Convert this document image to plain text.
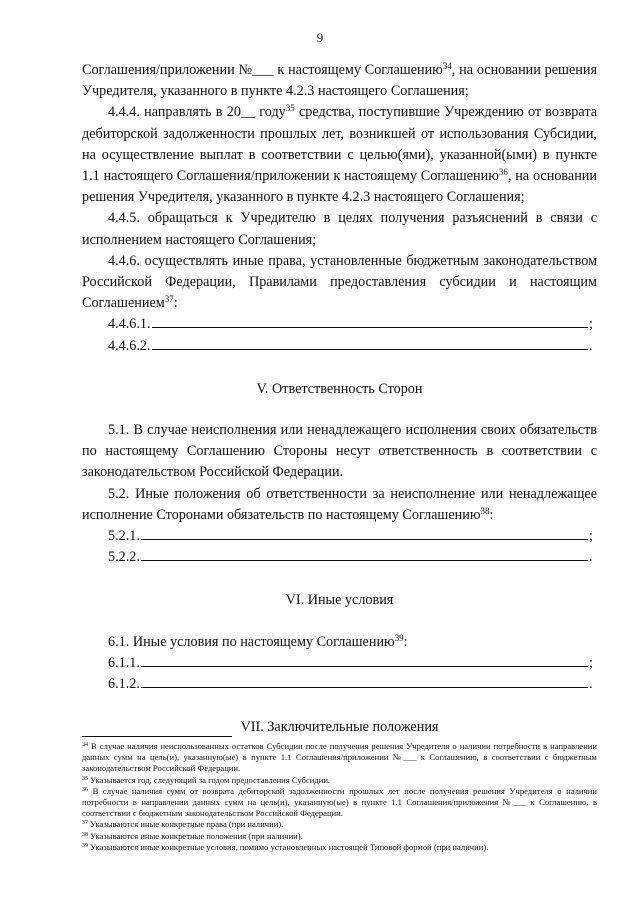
9

Соглашения/приложении №___ к настоящему Соглашению$^{34}$, на основании решения Учредителя, указанного в пункте 4.2.3 настоящего Соглашения;

4.4.4. направлять в 20__ году$^{35}$ средства, поступившие Учреждению от возврата дебиторской задолженности прошлых лет, возникшей от использования Субсидии, на осуществление выплат в соответствии с целью(ями), указанной(ыми) в пункте 1.1 настоящего Соглашения/приложении к настоящему Соглашению$^{36}$, на основании решения Учредителя, указанного в пункте 4.2.3 настоящего Соглашения;

4.4.5. обращаться к Учредителю в целях получения разъяснений в связи с исполнением настоящего Соглашения;

4.4.6. осуществлять иные права, установленные бюджетным законодательством Российской Федерации, Правилами предоставления субсидии и настоящим Соглашением$^{37}$:

4.4.6.1.	;
4.4.6.2.	.

V. Ответственность Сторон

5.1. В случае неисполнения или ненадлежащего исполнения своих обязательств по настоящему Соглашению Стороны несут ответственность в соответствии с законодательством Российской Федерации.

5.2. Иные положения об ответственности за неисполнение или ненадлежащее исполнение Сторонами обязательств по настоящему Соглашению$^{38}$:

5.2.1.	;
5.2.2.	.

VI. Иные условия

6.1. Иные условия по настоящему Соглашению$^{39}$:

6.1.1.	;
6.1.2.	.

VII. Заключительные положения

$^{34}$ В случае наличия неиспользованных остатков Субсидии после получения решения Учредителя о наличии потребности в направлении данных сумм на цель(и), указанную(ые) в пункте 1.1 Соглашения/приложении №___ к Соглашению, в соответствии с бюджетным законодательством Российской Федерации.

$^{35}$ Указывается год, следующий за годом предоставления Субсидии.

$^{36}$ В случае наличия сумм от возврата дебиторской задолженности прошлых лет после получения решения Учредителя о наличии потребности в направлении данных сумм на цель(и), указанную(ые) в пункте 1.1 Соглашения/приложения №___ к Соглашению, в соответствии с бюджетным законодательством Российской Федерации.

$^{37}$ Указываются иные конкретные права (при наличии).

$^{38}$ Указываются иные конкретные положения (при наличии).

$^{39}$ Указываются иные конкретные условия, помимо установленных настоящей Типовой формой (при наличии).
